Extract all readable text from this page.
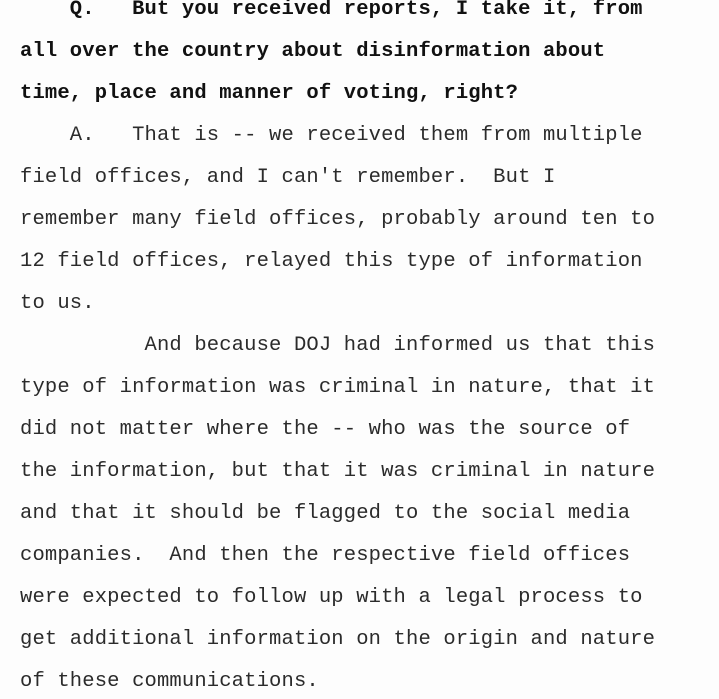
Q.   But you received reports, I take it, from
all over the country about disinformation about
time, place and manner of voting, right?
A.   That is -- we received them from multiple
field offices, and I can't remember.  But I
remember many field offices, probably around ten to
12 field offices, relayed this type of information
to us.
And because DOJ had informed us that this
type of information was criminal in nature, that it
did not matter where the -- who was the source of
the information, but that it was criminal in nature
and that it should be flagged to the social media
companies.  And then the respective field offices
were expected to follow up with a legal process to
get additional information on the origin and nature
of these communications.
